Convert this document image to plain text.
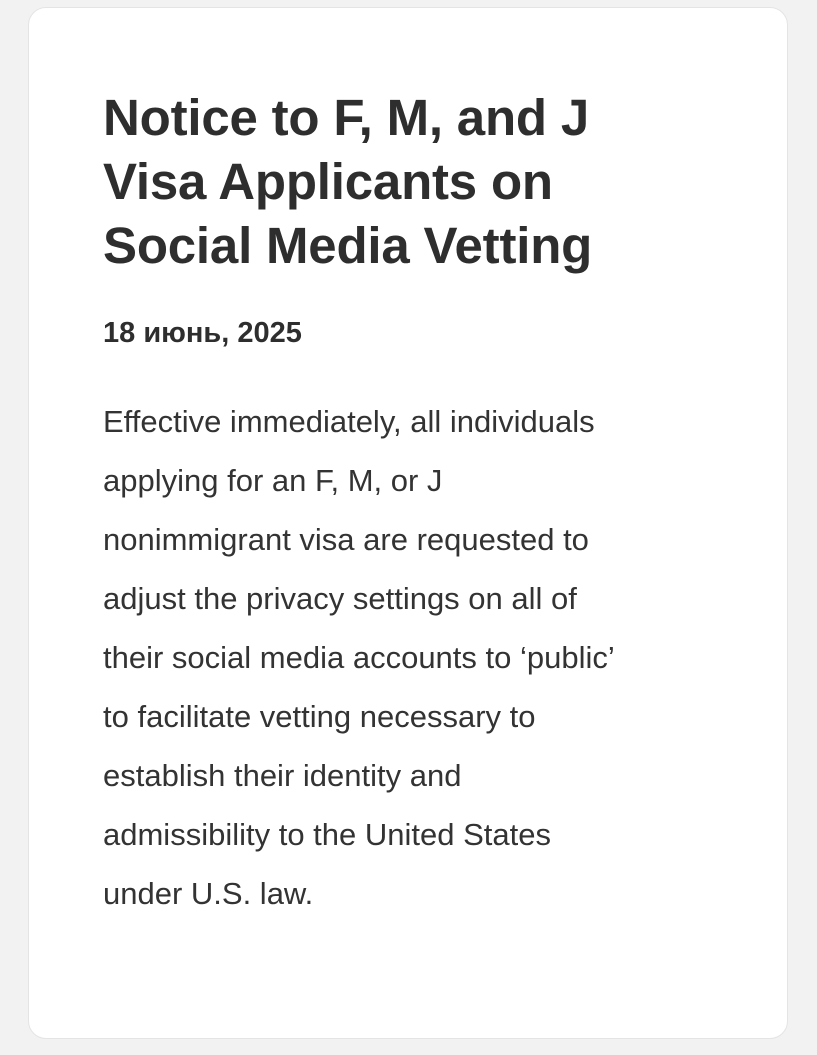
Notice to F, M, and J
Visa Applicants on
Social Media Vetting

18 июнь, 2025

Effective immediately, all individuals
applying for an F, M, or J
nonimmigrant visa are requested to
adjust the privacy settings on all of
their social media accounts to ‘public’
to facilitate vetting necessary to
establish their identity and
admissibility to the United States
under U.S. law.
